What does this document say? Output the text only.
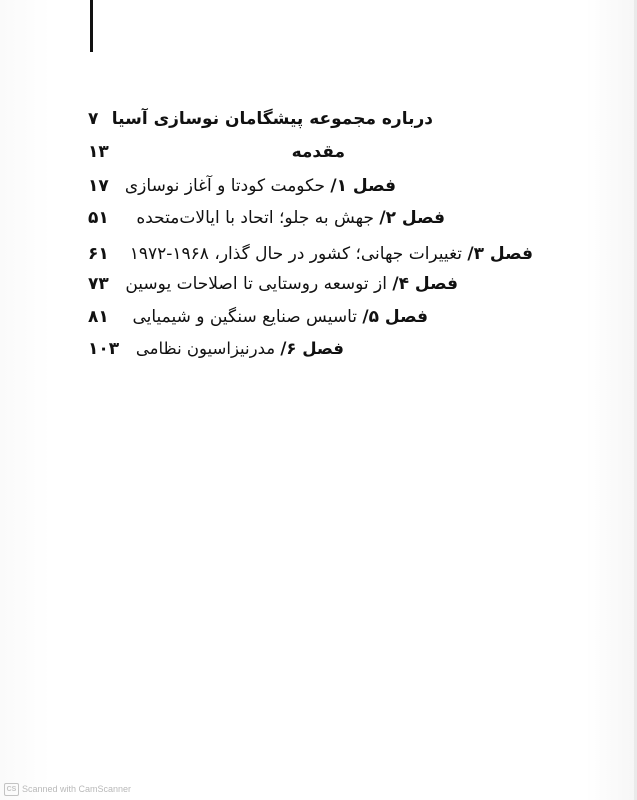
۷ درباره مجموعه پیشگامان نوسازی آسیا
۱۳	مقدمه
۱۷	فصل ۱/ حکومت کودتا و آغاز نوسازی
۵۱	فصل ۲/ جهش به جلو؛ اتحاد با ایالات‌متحده
۶۱	فصل ۳/ تغییرات جهانی؛ کشور در حال گذار، ۱۹۶۸-۱۹۷۲
۷۳	فصل ۴/ از توسعه روستایی تا اصلاحات یوسین
۸۱	فصل ۵/ تاسیس صنایع سنگین و شیمیایی
۱۰۳	فصل ۶/ مدرنیزاسیون نظامی
CS Scanned with CamScanner
